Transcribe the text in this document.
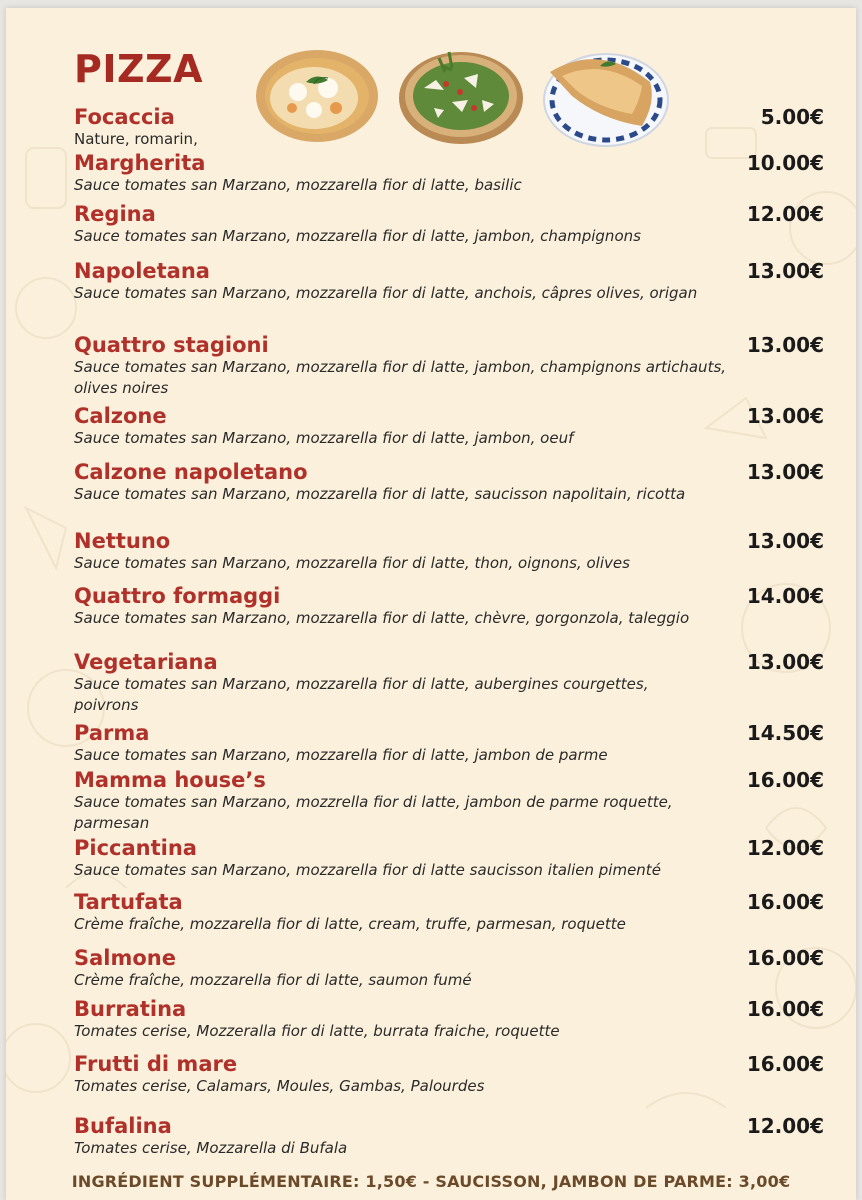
PIZZA
Focaccia
Nature, romarin,
5.00€
Margherita
Sauce tomates san Marzano, mozzarella fior di latte, basilic
10.00€
Regina
Sauce tomates san Marzano, mozzarella fior di latte, jambon, champignons
12.00€
Napoletana
Sauce tomates san Marzano, mozzarella fior di latte, anchois, câpres olives, origan
13.00€
Quattro stagioni
Sauce tomates san Marzano, mozzarella fior di latte, jambon, champignons artichauts, olives noires
13.00€
Calzone
Sauce tomates san Marzano, mozzarella fior di latte, jambon, oeuf
13.00€
Calzone napoletano
Sauce tomates san Marzano, mozzarella fior di latte, saucisson napolitain, ricotta
13.00€
Nettuno
Sauce tomates san Marzano, mozzarella fior di latte, thon, oignons, olives
13.00€
Quattro formaggi
Sauce tomates san Marzano, mozzarella fior di latte, chèvre, gorgonzola, taleggio
14.00€
Vegetariana
Sauce tomates san Marzano, mozzarella fior di latte, aubergines courgettes, poivrons
13.00€
Parma
Sauce tomates san Marzano, mozzarella fior di latte, jambon de parme
14.50€
Mamma house’s
Sauce tomates san Marzano, mozzrella fior di latte, jambon de parme roquette, parmesan
16.00€
Piccantina
Sauce tomates san Marzano, mozzarella fior di latte saucisson italien pimenté
12.00€
Tartufata
Crème fraîche, mozzarella fior di latte, cream, truffe, parmesan, roquette
16.00€
Salmone
Crème fraîche, mozzarella fior di latte, saumon fumé
16.00€
Burratina
Tomates cerise, Mozzeralla fior di latte, burrata fraiche, roquette
16.00€
Frutti di mare
Tomates cerise, Calamars, Moules, Gambas, Palourdes
16.00€
Bufalina
Tomates cerise, Mozzarella di Bufala
12.00€
INGRÉDIENT SUPPLÉMENTAIRE: 1,50€ - SAUCISSON, JAMBON DE PARME: 3,00€
